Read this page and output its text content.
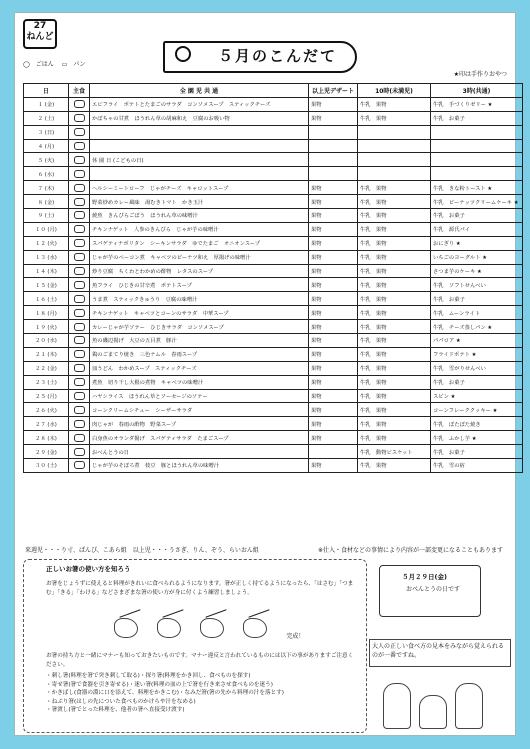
27
ねんど
◯ ごはん ▭ パン	５月のこんだて
★印は手作りおやつ
日	主食	全 園 児 共 通	以上児デザート	10時(未満児)	3時(共通)
１ (金)		エビフライ　ポテトとたまごのサラダ　コンソメスープ　スティックチーズ	果物	牛乳　果物	牛乳　手づくりゼリー ★
２ (土)		かぼちゃの甘煮　ほうれん草の胡麻和え　豆腐のお吸い物	果物	牛乳　果物	牛乳　お菓子
３ (日)					
４ (月)					
５ (火)		休 園 日 (こどもの日)			
６ (水)					
７ (木)		ヘルシーミートローフ　じゃがチーズ　キャロットスープ	果物	牛乳　果物	牛乳　きな粉トースト ★
８ (金)		野菜炒めカレー風味　湯むきトマト　かき玉汁	果物	牛乳　果物	牛乳　ピーナッツクリームケーキ ★
９ (土)		焼魚　きんぴらごぼう　ほうれん草の味噌汁	果物	牛乳　果物	牛乳　お菓子
１０ (月)		チキンナゲット　人参のきんぴら　じゃが芋の味噌汁	果物	牛乳　果物	牛乳　源氏パイ
１２ (火)		スパゲティナポリタン　シーキンサラダ　ゆでたまご　オニオンスープ	果物	牛乳　果物	おにぎり ★
１３ (水)		じゃが芋のベーコン煮　キャベツのピーナツ和え　厚揚げの味噌汁	果物	牛乳　果物	いちごのヨーグルト ★
１４ (木)		炒り豆腐　ちくわとわかめの酢物　レタスのスープ	果物	牛乳　果物	さつま芋のケーキ ★
１５ (金)		魚フライ　ひじきの甘辛煮　ポテトスープ	果物	牛乳　果物	牛乳　ソフトせんべい
１６ (土)		うま煮　スティックきゅうり　豆腐の味噌汁	果物	牛乳　果物	牛乳　お菓子
１８ (月)		チキンナゲット　キャベツとコーンのサラダ　中華スープ	果物	牛乳　果物	牛乳　ムーンライト
１９ (火)		カレーじゃが芋ソテー　ひじきサラダ　コンソメスープ	果物	牛乳　果物	牛乳　チーズ蒸しパン ★
２０ (水)		魚の磯辺揚げ　大豆の五目煮　豚汁	果物	牛乳　果物	パパロア ★
２１ (木)		鶏のごまてり焼き　三色ナムル　春雨スープ	果物	牛乳　果物	フライドポテト ★
２２ (金)		皿うどん　わかめスープ　スティックチーズ	果物	牛乳　果物	牛乳　雪がりせんべい
２３ (土)		煮魚　切り干し大根の煮物　キャベツの味噌汁	果物	牛乳　果物	牛乳　お菓子
２５ (月)		ハヤシライス　ほうれん草とソーセージのソテー	果物	牛乳　果物	スピン ★
２６ (火)		コーンクリームシチュー　シーザーサラダ	果物	牛乳　果物	コーンフレーククッキー ★
２７ (水)		肉じゃが　春雨の酢物　野菜スープ	果物	牛乳　果物	牛乳　ぼたぼた焼き
２８ (木)		白身魚のオランダ揚げ　スパゲティサラダ　たまごスープ	果物	牛乳　果物	牛乳　ふかし芋 ★
２９ (金)		おべんとうの日		牛乳　動物ビスケット	牛乳　お菓子
３０ (土)		じゃが芋のそぼろ煮　枝豆　豚とほうれん草の味噌汁	果物	牛乳　果物	牛乳　雪の宿
来週児・・・り寸、ぱんぴ、こあら組　以上児・・・うさぎ、りん、ぞう、らいおん組	※仕入・食材などの事情により内容が一部変更になることもあります
正しいお箸の使い方を知ろう

お箸をじょうずに使えると料理がきれいに食べられるようになります。箸が正しく持てるようになったら、「はさむ」「つまむ」「きる」「わける」などさまざまな箸の使い方が身に付くよう練習しましょう。

完成！

お箸の持ち方と一緒にマナーも知っておきたいものです。マナー違反と言われているものには以下の事がありますご注意ください。

・刺し箸(料理を箸で突き刺して取る)・探り箸(料理をかき回し、食べものを探す)

・寄せ箸(箸で食器を引き寄せる)・迷い箸(料理の皿の上で箸を行き来させ食べものを迷う)

・かきばし(食器の淵に口を添えて、料理をかきこむ)・なみだ箸(箸の先から料理の汁を落とす)

・ねぶり箸(はしの先についた食べものかけらや汁をなめる)

・箸渡し(箸でとった料理を、他者の箸へ直接受け渡す)

５月２９日(金)
おべんとうの日です
大人の正しい食べ方の見本をみながら覚えられるのが一番ですね。
